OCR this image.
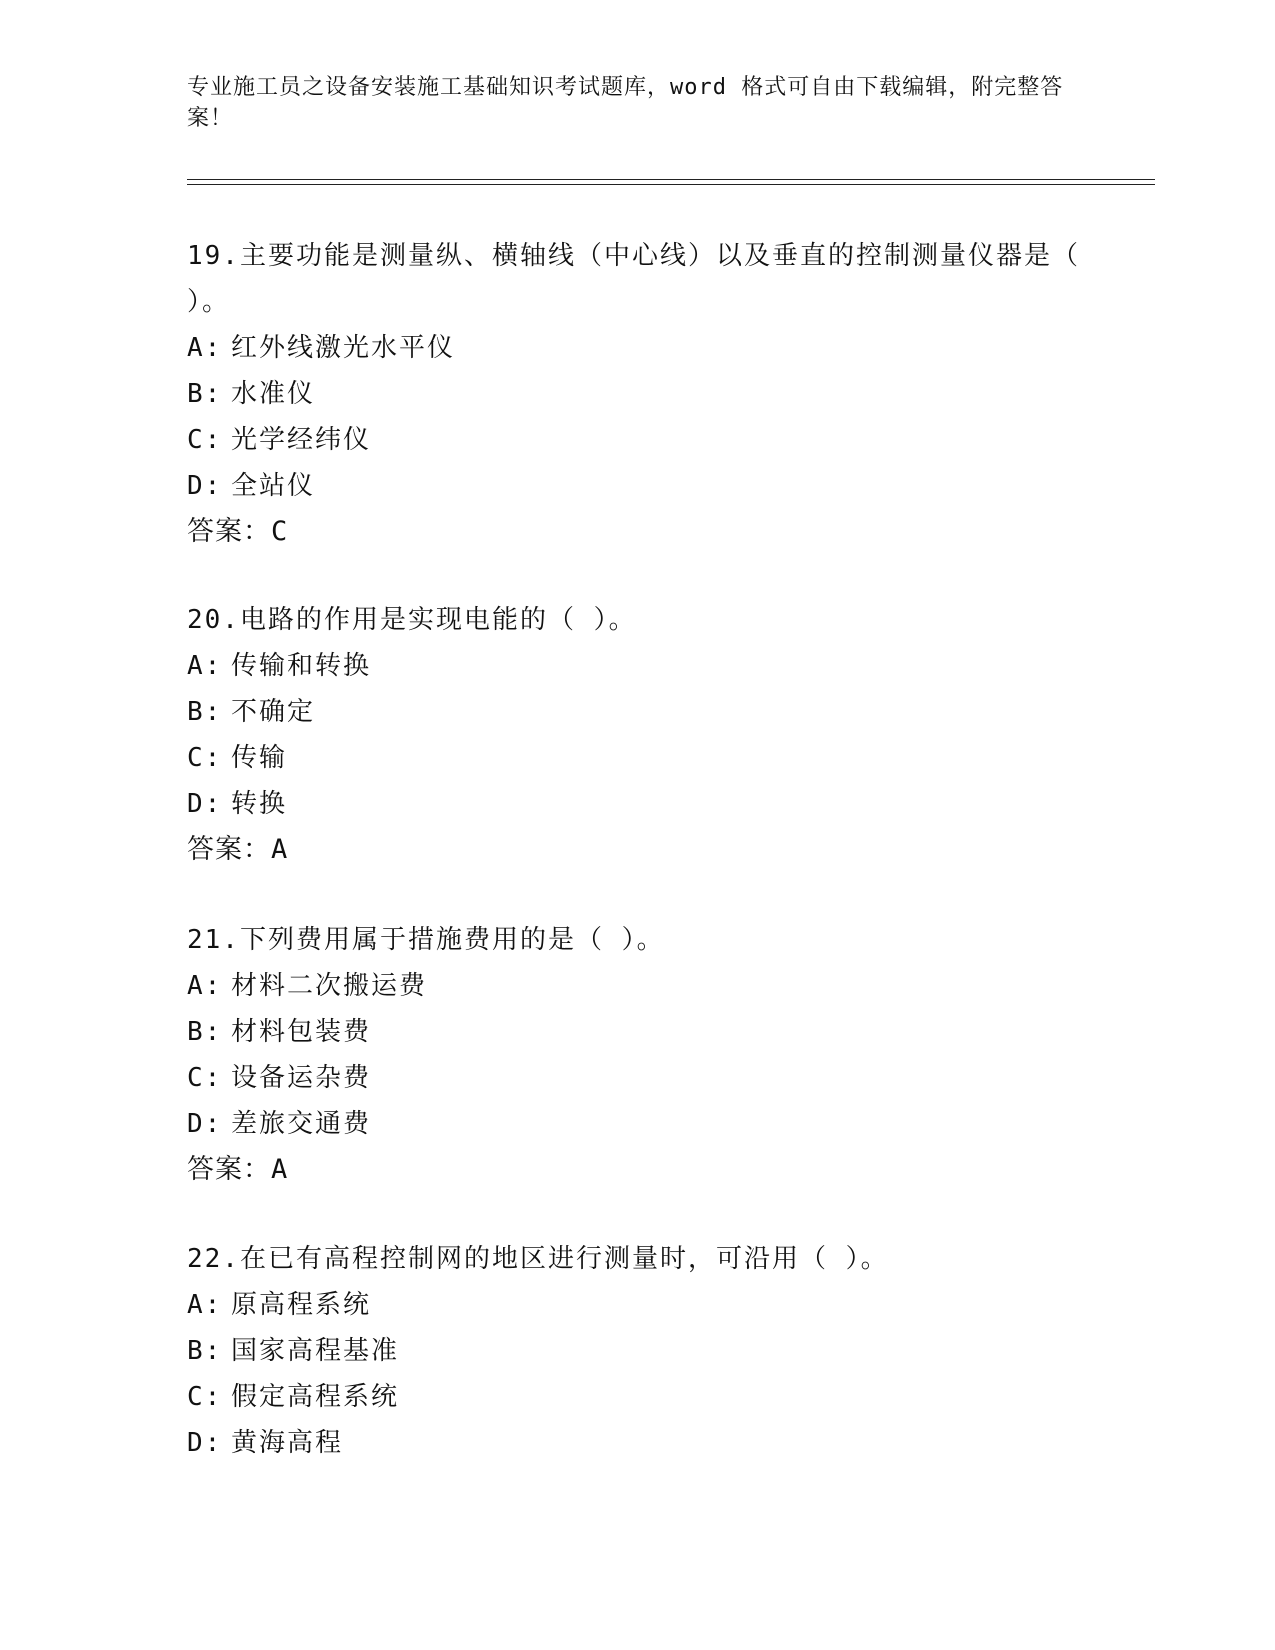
专业施工员之设备安装施工基础知识考试题库，word 格式可自由下载编辑，附完整答案！

19.主要功能是测量纵、横轴线（中心线）以及垂直的控制测量仪器是（ ）。

A: 红外线激光水平仪

B: 水准仪

C: 光学经纬仪

D: 全站仪

答案：C

20.电路的作用是实现电能的（ ）。

A: 传输和转换

B: 不确定

C: 传输

D: 转换

答案：A

21.下列费用属于措施费用的是（ ）。

A: 材料二次搬运费

B: 材料包装费

C: 设备运杂费

D: 差旅交通费

答案：A

22.在已有高程控制网的地区进行测量时，可沿用（ ）。

A: 原高程系统

B: 国家高程基准

C: 假定高程系统

D: 黄海高程
